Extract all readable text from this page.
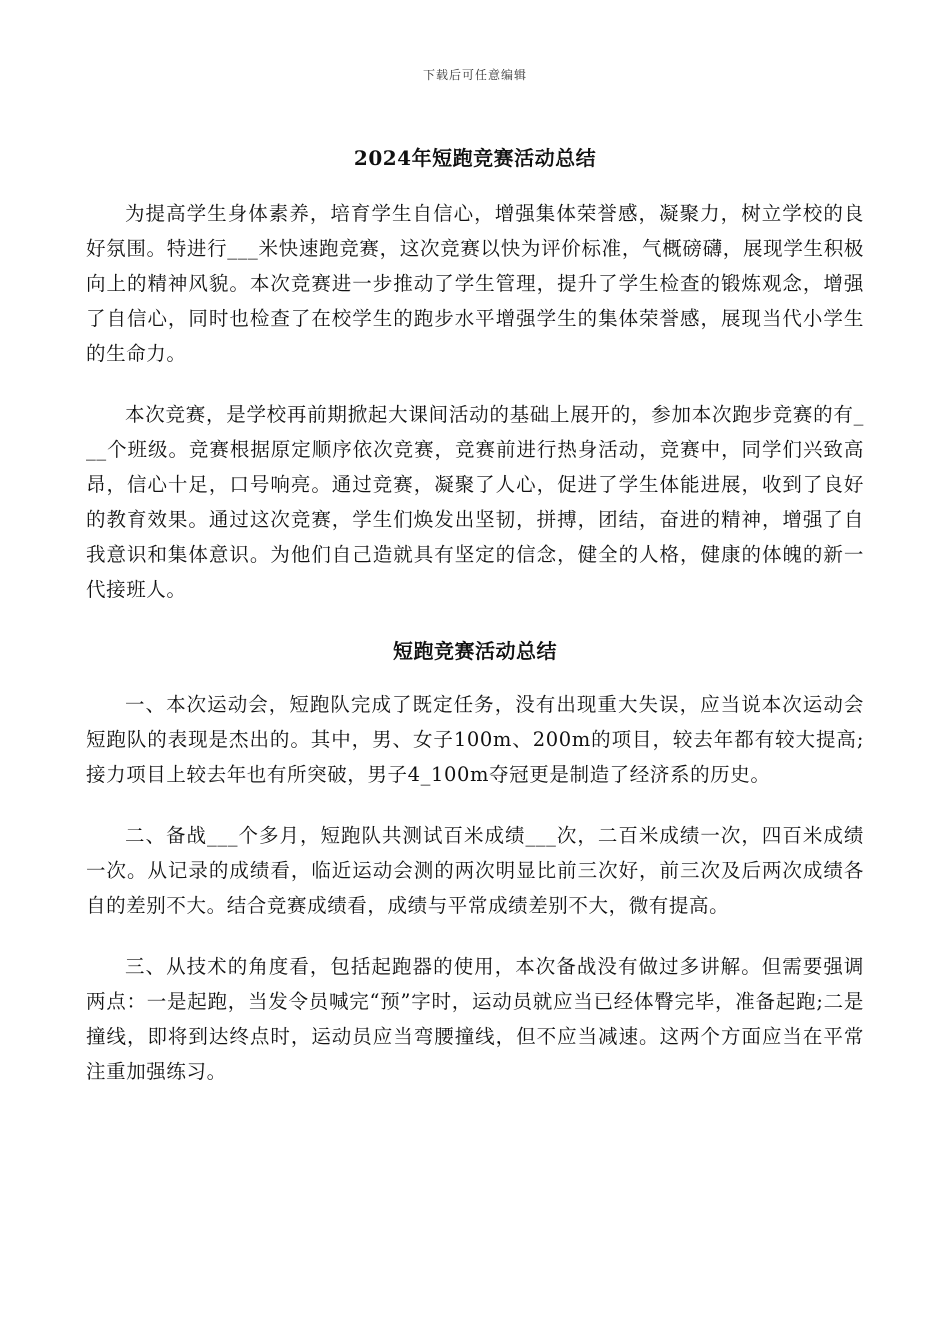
下载后可任意编辑
2024年短跑竞赛活动总结

为提高学生身体素养，培育学生自信心，增强集体荣誉感，凝聚力，树立学校的良好氛围。特进行___米快速跑竞赛，这次竞赛以快为评价标准，气概磅礴，展现学生积极向上的精神风貌。本次竞赛进一步推动了学生管理，提升了学生检查的锻炼观念，增强了自信心，同时也检查了在校学生的跑步水平增强学生的集体荣誉感，展现当代小学生的生命力。

本次竞赛，是学校再前期掀起大课间活动的基础上展开的，参加本次跑步竞赛的有___个班级。竞赛根据原定顺序依次竞赛，竞赛前进行热身活动，竞赛中，同学们兴致高昂，信心十足，口号响亮。通过竞赛，凝聚了人心，促进了学生体能进展，收到了良好的教育效果。通过这次竞赛，学生们焕发出坚韧，拼搏，团结，奋进的精神，增强了自我意识和集体意识。为他们自己造就具有坚定的信念，健全的人格，健康的体魄的新一代接班人。

短跑竞赛活动总结

一、本次运动会，短跑队完成了既定任务，没有出现重大失误，应当说本次运动会短跑队的表现是杰出的。其中，男、女子100m、200m的项目，较去年都有较大提高;接力项目上较去年也有所突破，男子4_100m夺冠更是制造了经济系的历史。

二、备战___个多月，短跑队共测试百米成绩___次，二百米成绩一次，四百米成绩一次。从记录的成绩看，临近运动会测的两次明显比前三次好，前三次及后两次成绩各自的差别不大。结合竞赛成绩看，成绩与平常成绩差别不大，微有提高。

三、从技术的角度看，包括起跑器的使用，本次备战没有做过多讲解。但需要强调两点：一是起跑，当发令员喊完“预”字时，运动员就应当已经体臀完毕，准备起跑;二是撞线，即将到达终点时，运动员应当弯腰撞线，但不应当减速。这两个方面应当在平常注重加强练习。
